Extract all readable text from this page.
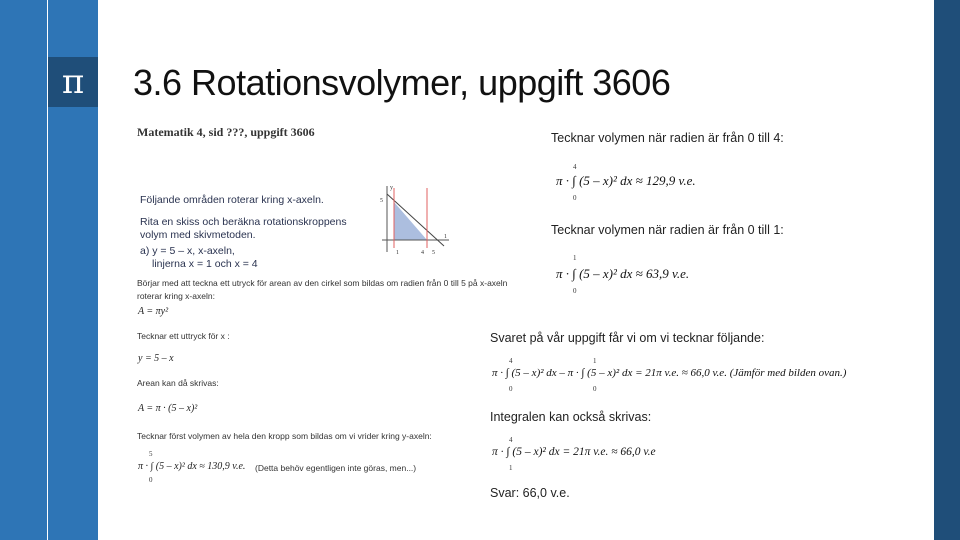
π	3.6 Rotationsvolymer, uppgift 3606
Matematik 4, sid ???, uppgift 3606
Följande områden roterar kring x-axeln.
Rita en skiss och beräkna rotationskroppens
volym med skivmetoden.
a) y = 5 – x, x-axeln,
linjerna x = 1 och x = 4
y
5
1
1	4 5
Börjar med att teckna ett utryck för arean av den cirkel som bildas om radien från 0 till 5 på x-axeln
roterar kring x-axeln:
A = πy²
Tecknar ett uttryck för x :
y = 5 – x
Arean kan då skrivas:
A = π · (5 – x)²
Tecknar först volymen av hela den kropp som bildas om vi vrider kring y-axeln:
5
π · ∫ (5 – x)² dx ≈ 130,9 v.e.
0
(Detta behöv egentligen inte göras, men...)
Tecknar volymen när radien är från 0 till 4:
4
π · ∫ (5 – x)² dx ≈ 129,9 v.e.
0
Tecknar volymen när radien är från 0 till 1:
1
π · ∫ (5 – x)² dx ≈ 63,9 v.e.
0
Svaret på vår uppgift får vi om vi tecknar följande:
4	1
π · ∫ (5 – x)² dx – π · ∫ (5 – x)² dx = 21π v.e. ≈ 66,0 v.e. (Jämför med bilden ovan.)
0	0
Integralen kan också skrivas:
4
π · ∫ (5 – x)² dx = 21π v.e. ≈ 66,0 v.e
1
Svar: 66,0 v.e.
